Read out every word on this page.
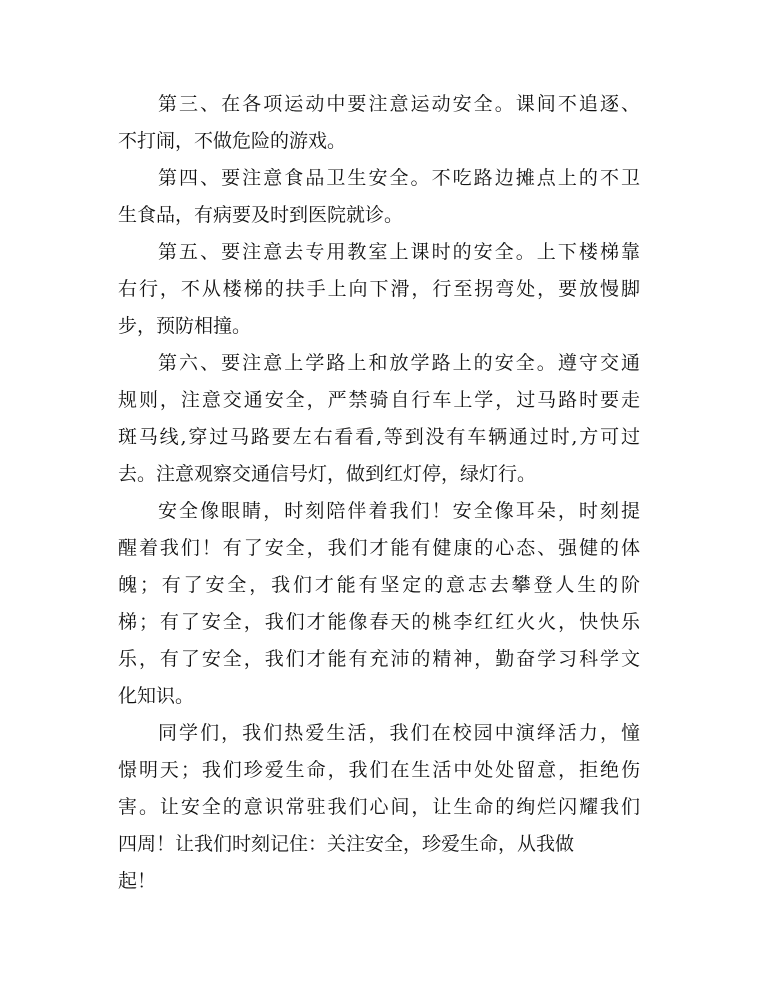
第三、在各项运动中要注意运动安全。课间不追逐、
不打闹，不做危险的游戏。
第四、要注意食品卫生安全。不吃路边摊点上的不卫
生食品，有病要及时到医院就诊。
第五、要注意去专用教室上课时的安全。上下楼梯靠
右行，不从楼梯的扶手上向下滑，行至拐弯处，要放慢脚
步，预防相撞。
第六、要注意上学路上和放学路上的安全。遵守交通
规则，注意交通安全，严禁骑自行车上学，过马路时要走
斑马线,穿过马路要左右看看,等到没有车辆通过时,方可过
去。注意观察交通信号灯，做到红灯停，绿灯行。
安全像眼睛，时刻陪伴着我们！安全像耳朵，时刻提
醒着我们！有了安全，我们才能有健康的心态、强健的体
魄；有了安全，我们才能有坚定的意志去攀登人生的阶
梯；有了安全，我们才能像春天的桃李红红火火，快快乐
乐，有了安全，我们才能有充沛的精神，勤奋学习科学文
化知识。
同学们，我们热爱生活，我们在校园中演绎活力，憧
憬明天；我们珍爱生命，我们在生活中处处留意，拒绝伤
害。让安全的意识常驻我们心间，让生命的绚烂闪耀我们
四周！让我们时刻记住：关注安全，珍爱生命，从我做
起！
